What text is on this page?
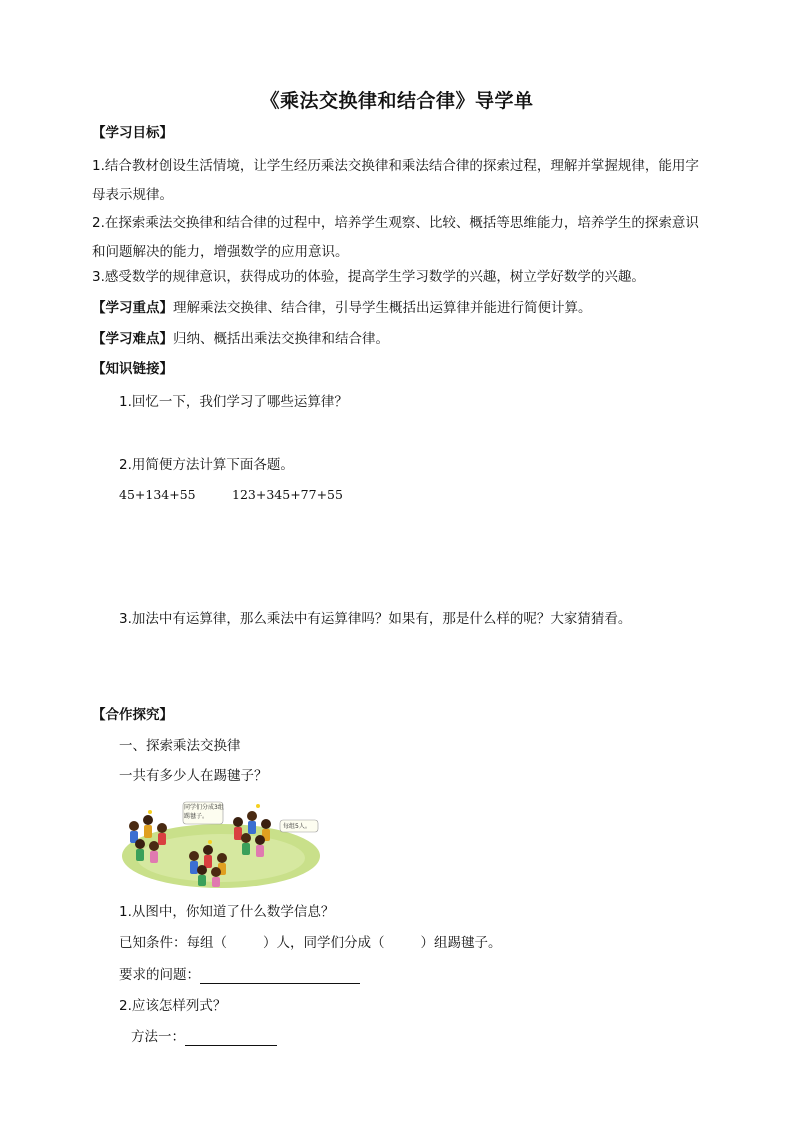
《乘法交换律和结合律》导学单
【学习目标】
1.结合教材创设生活情境，让学生经历乘法交换律和乘法结合律的探索过程，理解并掌握规律，能用字母表示规律。
2.在探索乘法交换律和结合律的过程中，培养学生观察、比较、概括等思维能力，培养学生的探索意识和问题解决的能力，增强数学的应用意识。
3.感受数学的规律意识，获得成功的体验，提高学生学习数学的兴趣，树立学好数学的兴趣。
【学习重点】理解乘法交换律、结合律，引导学生概括出运算律并能进行简便计算。
【学习难点】归纳、概括出乘法交换律和结合律。
【知识链接】
1.回忆一下，我们学习了哪些运算律？
2.用简便方法计算下面各题。
45+134+55	123+345+77+55
3.加法中有运算律，那么乘法中有运算律吗？如果有，那是什么样的呢？大家猜猜看。
【合作探究】
一、探索乘法交换律
一共有多少人在踢毽子？
同学们分成3组踢毽子。
每组5人。
1.从图中，你知道了什么数学信息？
已知条件：每组（	）人，同学们分成（	）组踢毽子。
要求的问题：
2.应该怎样列式？
方法一：
